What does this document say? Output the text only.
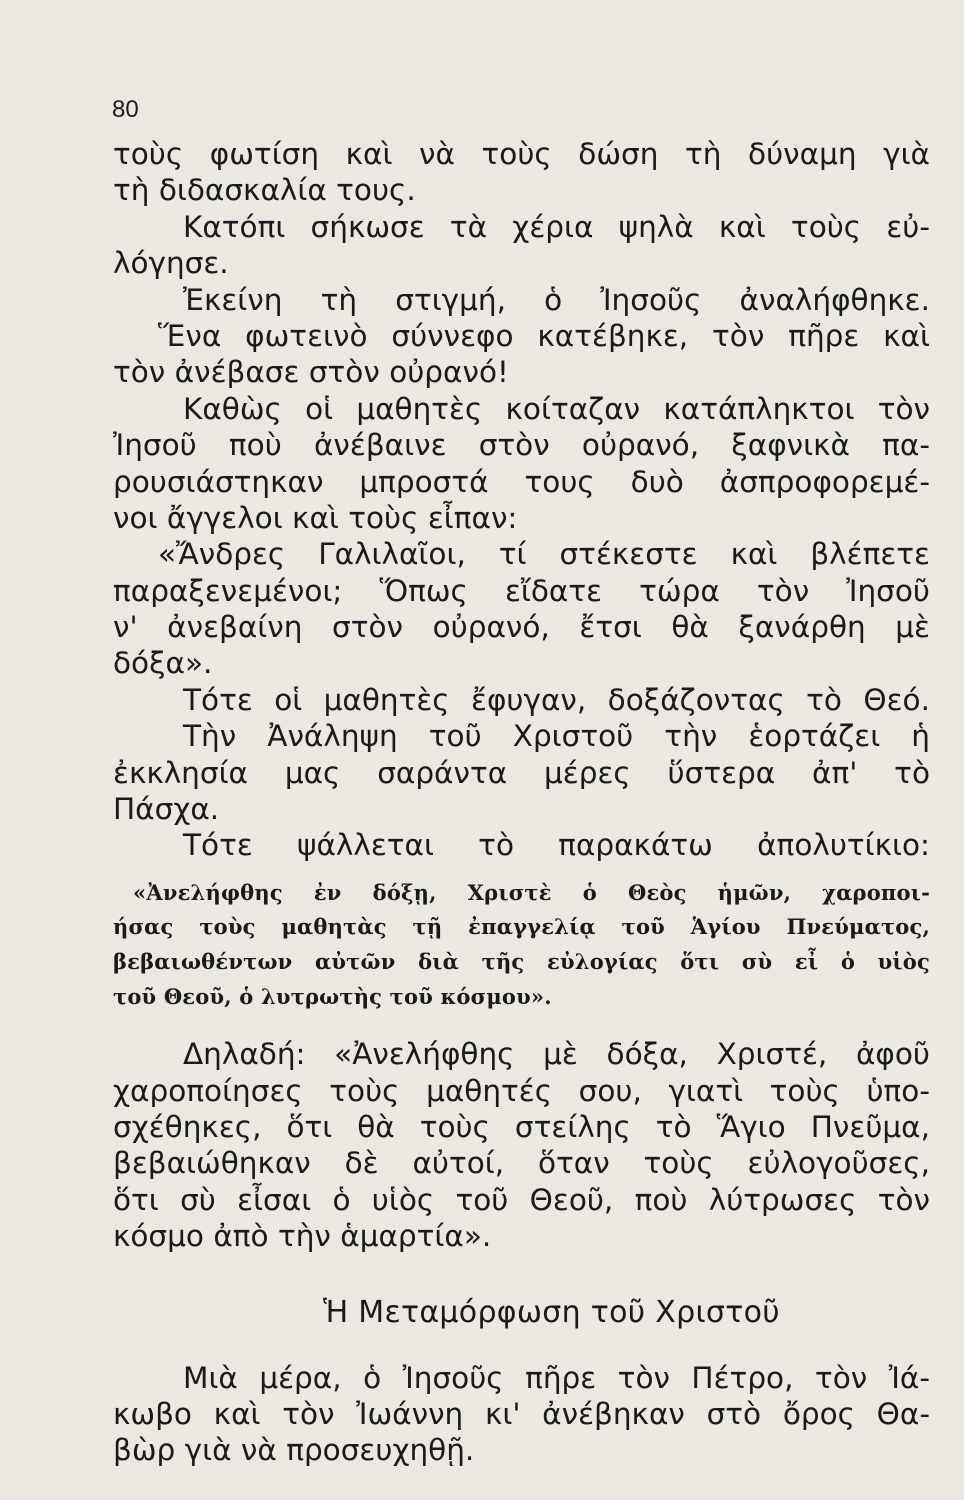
80
τοὺς φωτίση καὶ νὰ τοὺς δώση τὴ δύναμη γιὰ
τὴ διδασκαλία τους.
Κατόπι σήκωσε τὰ χέρια ψηλὰ καὶ τοὺς εὐ-
λόγησε.
Ἐκείνη τὴ στιγμή, ὁ Ἰησοῦς ἀναλήφθηκε.
Ἕνα φωτεινὸ σύννεφο κατέβηκε, τὸν πῆρε καὶ
τὸν ἀνέβασε στὸν οὐρανό!
Καθὼς οἱ μαθητὲς κοίταζαν κατάπληκτοι τὸν
Ἰησοῦ ποὺ ἀνέβαινε στὸν οὐρανό, ξαφνικὰ πα-
ρουσιάστηκαν μπροστά τους δυὸ ἀσπροφορεμέ-
νοι ἄγγελοι καὶ τοὺς εἶπαν:
«Ἄνδρες Γαλιλαῖοι, τί στέκεστε καὶ βλέπετε
παραξενεμένοι; Ὅπως εἴδατε τώρα τὸν Ἰησοῦ
ν' ἀνεβαίνη στὸν οὐρανό, ἔτσι θὰ ξανάρθη μὲ
δόξα».
Τότε οἱ μαθητὲς ἔφυγαν, δοξάζοντας τὸ Θεό.
Τὴν Ἀνάληψη τοῦ Χριστοῦ τὴν ἑορτάζει ἡ
ἐκκλησία μας σαράντα μέρες ὕστερα ἀπ' τὸ
Πάσχα.
Τότε ψάλλεται τὸ παρακάτω ἀπολυτίκιο:
«Ἀνελήφθης ἐν δόξῃ, Χριστὲ ὁ Θεὸς ἡμῶν, χαροποι-
ήσας τοὺς μαθητὰς τῇ ἐπαγγελίᾳ τοῦ Ἁγίου Πνεύματος,
βεβαιωθέντων αὐτῶν διὰ τῆς εὐλογίας ὅτι σὺ εἶ ὁ υἱὸς
τοῦ Θεοῦ, ὁ λυτρωτὴς τοῦ κόσμου».
Δηλαδή: «Ἀνελήφθης μὲ δόξα, Χριστέ, ἀφοῦ
χαροποίησες τοὺς μαθητές σου, γιατὶ τοὺς ὑπο-
σχέθηκες, ὅτι θὰ τοὺς στείλης τὸ Ἅγιο Πνεῦμα,
βεβαιώθηκαν δὲ αὐτοί, ὅταν τοὺς εὐλογοῦσες,
ὅτι σὺ εἶσαι ὁ υἱὸς τοῦ Θεοῦ, ποὺ λύτρωσες τὸν
κόσμο ἀπὸ τὴν ἁμαρτία».
Ἡ Μεταμόρφωση τοῦ Χριστοῦ
Μιὰ μέρα, ὁ Ἰησοῦς πῆρε τὸν Πέτρο, τὸν Ἰά-
κωβο καὶ τὸν Ἰωάννη κι' ἀνέβηκαν στὸ ὄρος Θα-
βὼρ γιὰ νὰ προσευχηθῇ.
